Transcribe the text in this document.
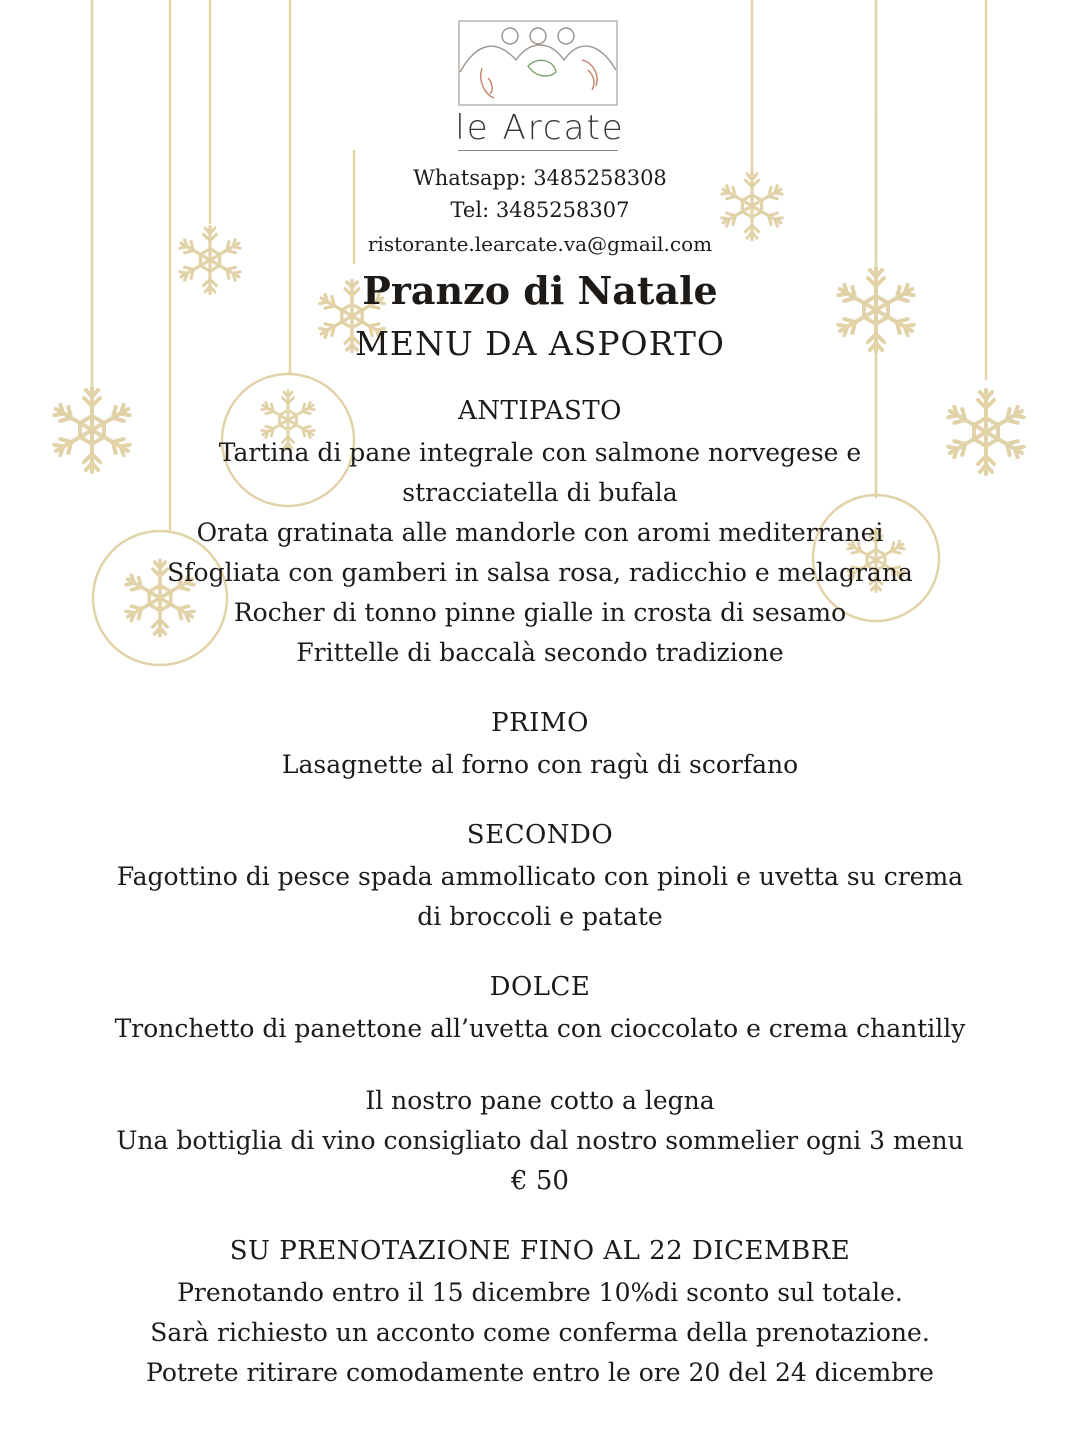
le Arcate
Whatsapp: 3485258308
Tel: 3485258307
ristorante.learcate.va@gmail.com
Pranzo di Natale
MENU DA ASPORTO
ANTIPASTO
Tartina di pane integrale con salmone norvegese e
stracciatella di bufala
Orata gratinata alle mandorle con aromi mediterranei
Sfogliata con gamberi in salsa rosa, radicchio e melagrana
Rocher di tonno pinne gialle in crosta di sesamo
Frittelle di baccalà secondo tradizione
PRIMO
Lasagnette al forno con ragù di scorfano
SECONDO
Fagottino di pesce spada ammollicato con pinoli e uvetta su crema
di broccoli e patate
DOLCE
Tronchetto di panettone all’uvetta con cioccolato e crema chantilly
Il nostro pane cotto a legna
Una bottiglia di vino consigliato dal nostro sommelier ogni 3 menu
€ 50
SU PRENOTAZIONE FINO AL 22 DICEMBRE
Prenotando entro il 15 dicembre 10%di sconto sul totale.
Sarà richiesto un acconto come conferma della prenotazione.
Potrete ritirare comodamente entro le ore 20 del 24 dicembre
